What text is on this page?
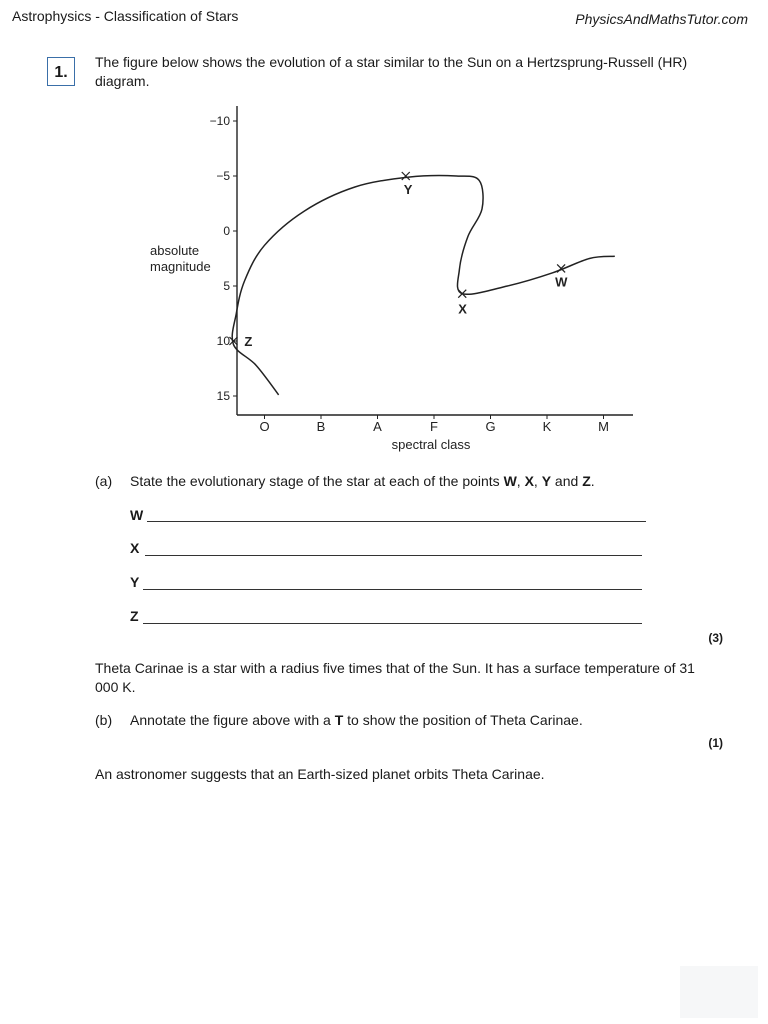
Astrophysics - Classification of Stars	PhysicsAndMathsTutor.com
1.
The figure below shows the evolution of a star similar to the Sun on a Hertzsprung-Russell (HR) diagram.
−10
−5
0
5
10
15
O	B	A	F	G	K	M
Y
X
W
Z
absolute
magnitude
spectral class
(a) State the evolutionary stage of the star at each of the points W, X, Y and Z.
W
X
Y
Z
(3)
Theta Carinae is a star with a radius five times that of the Sun. It has a surface temperature of 31 000 K.
(b) Annotate the figure above with a T to show the position of Theta Carinae.
(1)
An astronomer suggests that an Earth-sized planet orbits Theta Carinae.
